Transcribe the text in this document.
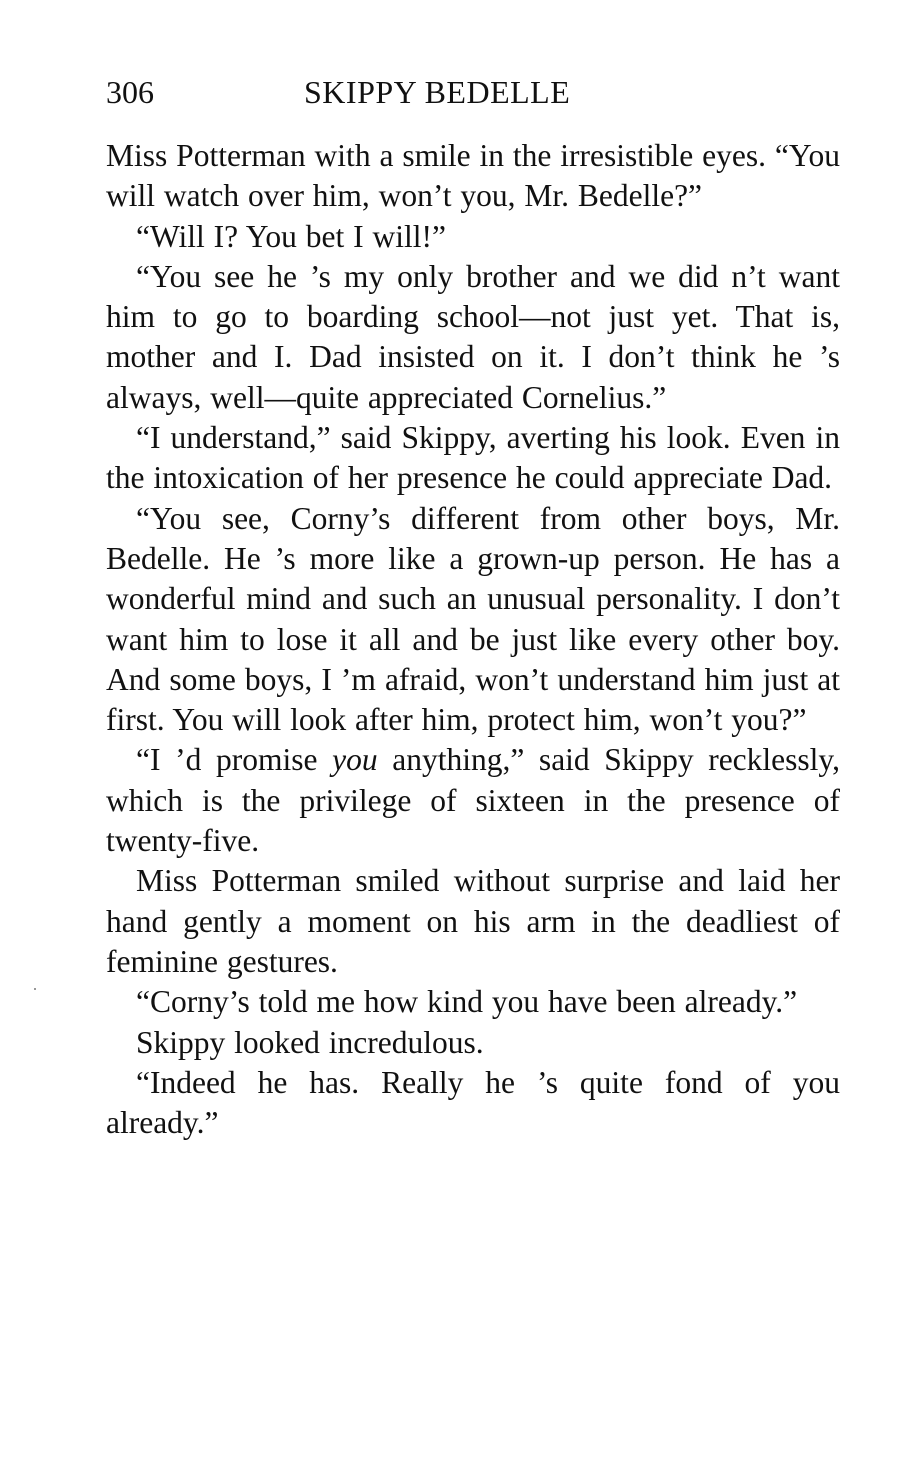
306	SKIPPY BEDELLE

Miss Potterman with a smile in the irresistible eyes. “You will watch over him, won’t you, Mr. Bedelle?”

“Will I? You bet I will!”

“You see he ’s my only brother and we did n’t want him to go to boarding school—not just yet. That is, mother and I. Dad insisted on it. I don’t think he ’s always, well—quite appreciated Cornelius.”

“I understand,” said Skippy, averting his look. Even in the intoxication of her presence he could appreciate Dad.

“You see, Corny’s different from other boys, Mr. Bedelle. He ’s more like a grown-up person. He has a wonderful mind and such an unusual personality. I don’t want him to lose it all and be just like every other boy. And some boys, I ’m afraid, won’t understand him just at first. You will look after him, protect him, won’t you?”

“I ’d promise you anything,” said Skippy recklessly, which is the privilege of sixteen in the presence of twenty-five.

Miss Potterman smiled without surprise and laid her hand gently a moment on his arm in the deadliest of feminine gestures.

“Corny’s told me how kind you have been already.”

Skippy looked incredulous.

“Indeed he has. Really he ’s quite fond of you already.”
